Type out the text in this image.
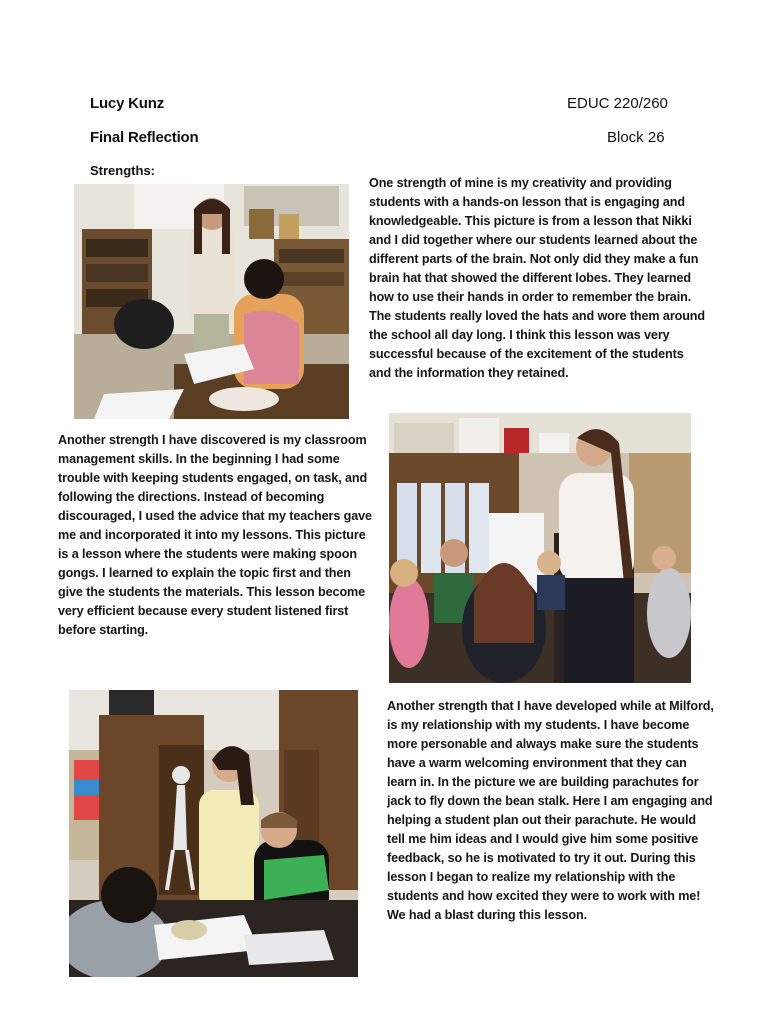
Lucy Kunz	EDUC 220/260
Final Reflection	Block 26
Strengths:
One strength of mine is my creativity and providing students with a hands-on lesson that is engaging and knowledgeable. This picture is from a lesson that Nikki and I did together where our students learned about the different parts of the brain. Not only did they make a fun brain hat that showed the different lobes. They learned how to use their hands in order to remember the brain. The students really loved the hats and wore them around the school all day long. I think this lesson was very successful because of the excitement of the students and the information they retained.
Another strength I have discovered is my classroom management skills. In the beginning I had some trouble with keeping students engaged, on task, and following the directions. Instead of becoming discouraged, I used the advice that my teachers gave me and incorporated it into my lessons. This picture is a lesson where the students were making spoon gongs. I learned to explain the topic first and then give the students the materials. This lesson become very efficient because every student listened first before starting.
Another strength that I have developed while at Milford, is my relationship with my students. I have become more personable and always make sure the students have a warm welcoming environment that they can learn in. In the picture we are building parachutes for jack to fly down the bean stalk. Here I am engaging and helping a student plan out their parachute. He would tell me him ideas and I would give him some positive feedback, so he is motivated to try it out. During this lesson I began to realize my relationship with the students and how excited they were to work with me! We had a blast during this lesson.
